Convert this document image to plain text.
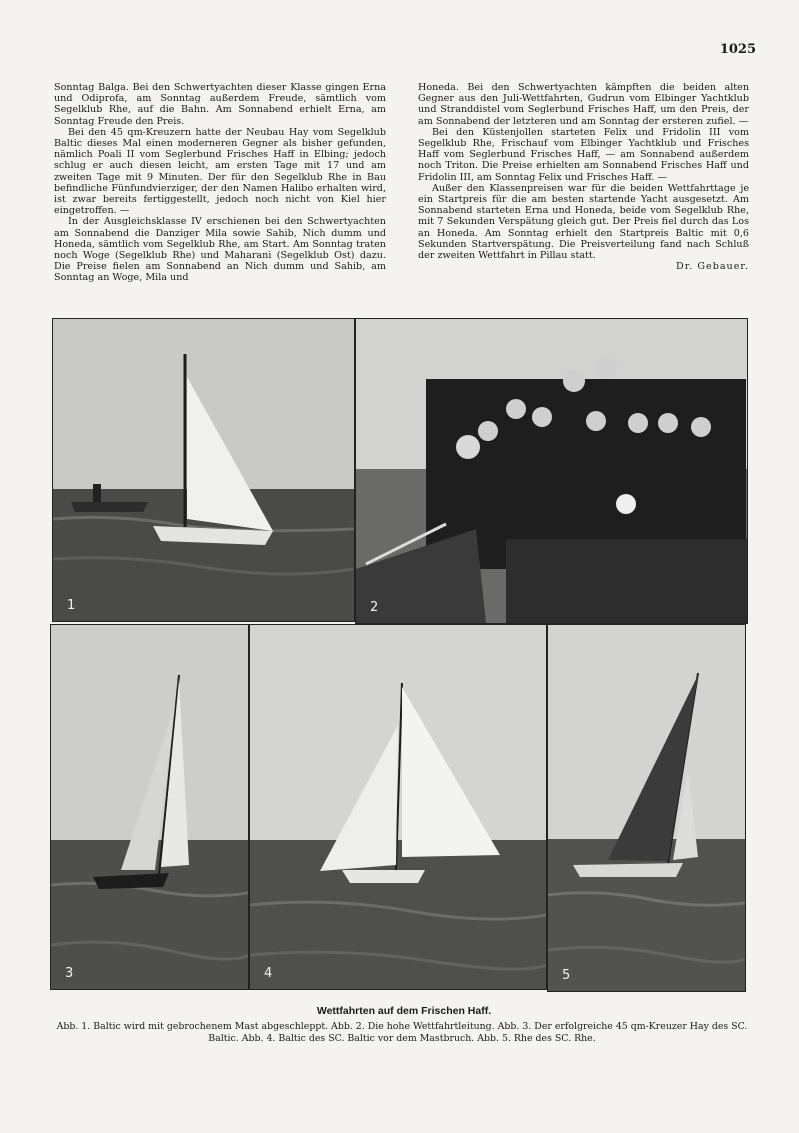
1025

Sonntag Balga. Bei den Schwertyachten dieser Klasse gingen Erna und Odiprofa, am Sonntag außerdem Freude, sämtlich vom Segelklub Rhe, auf die Bahn. Am Sonnabend erhielt Erna, am Sonntag Freude den Preis.

Bei den 45 qm-Kreuzern hatte der Neubau Hay vom Segelklub Baltic dieses Mal einen moderneren Gegner als bisher gefunden, nämlich Poali II vom Seglerbund Frisches Haff in Elbing; jedoch schlug er auch diesen leicht, am ersten Tage mit 17 und am zweiten Tage mit 9 Minuten. Der für den Segelklub Rhe in Bau befindliche Fünfundvierziger, der den Namen Halibo erhalten wird, ist zwar bereits fertiggestellt, jedoch noch nicht von Kiel hier eingetroffen. —

In der Ausgleichsklasse IV erschienen bei den Schwertyachten am Sonnabend die Danziger Mila sowie Sahib, Nich dumm und Honeda, sämtlich vom Segelklub Rhe, am Start. Am Sonntag traten noch Woge (Segelklub Rhe) und Maharani (Segelklub Ost) dazu. Die Preise fielen am Sonnabend an Nich dumm und Sahib, am Sonntag an Woge, Mila und

Honeda. Bei den Schwertyachten kämpften die beiden alten Gegner aus den Juli-Wettfahrten, Gudrun vom Elbinger Yachtklub und Stranddistel vom Seglerbund Frisches Haff, um den Preis, der am Sonnabend der letzteren und am Sonntag der ersteren zufiel. —

Bei den Küstenjollen starteten Felix und Fridolin III vom Segelklub Rhe, Frischauf vom Elbinger Yachtklub und Frisches Haff vom Seglerbund Frisches Haff, — am Sonnabend außerdem noch Triton. Die Preise erhielten am Sonnabend Frisches Haff und Fridolin III, am Sonntag Felix und Frisches Haff. —

Außer den Klassenpreisen war für die beiden Wettfahrttage je ein Startpreis für die am besten startende Yacht ausgesetzt. Am Sonnabend starteten Erna und Honeda, beide vom Segelklub Rhe, mit 7 Sekunden Verspätung gleich gut. Der Preis fiel durch das Los an Honeda. Am Sonntag erhielt den Startpreis Baltic mit 0,6 Sekunden Startverspätung. Die Preisverteilung fand nach Schluß der zweiten Wettfahrt in Pillau statt.

Dr. Gebauer.

1	2
3	4	5
Wettfahrten auf dem Frischen Haff.
Abb. 1. Baltic wird mit gebrochenem Mast abgeschleppt. Abb. 2. Die hohe Wettfahrtleitung. Abb. 3. Der erfolgreiche 45 qm-Kreuzer Hay des SC. Baltic. Abb. 4. Baltic des SC. Baltic vor dem Mastbruch. Abb. 5. Rhe des SC. Rhe.
